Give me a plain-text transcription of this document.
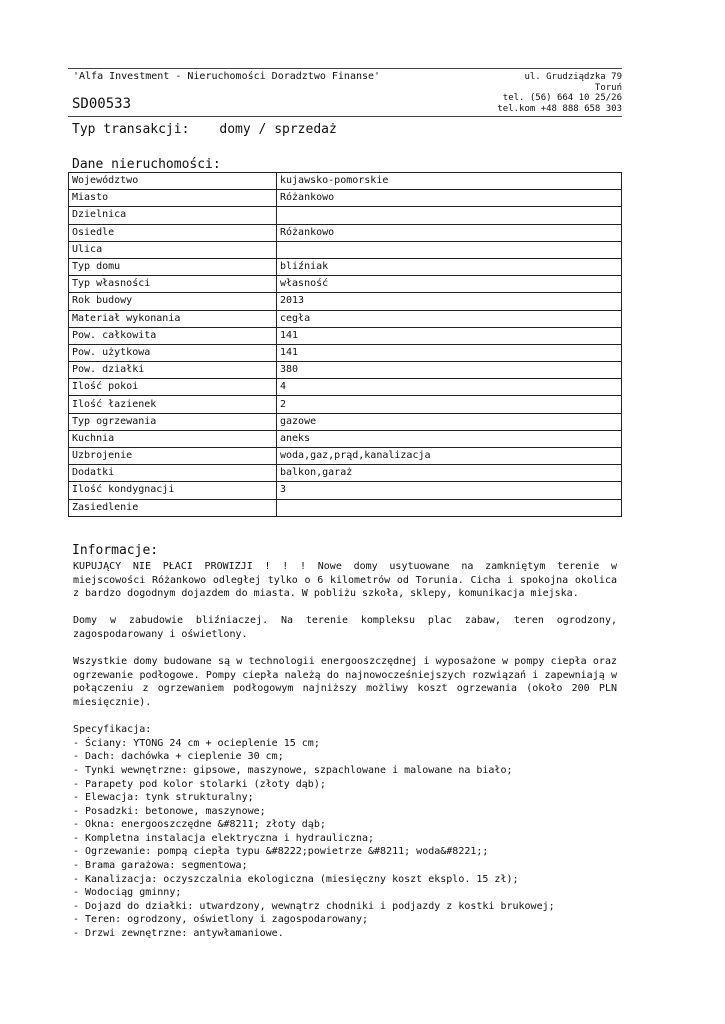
'Alfa Investment - Nieruchomości Doradztwo Finanse'
SD00533
ul. Grudziądzka 79
Toruń
tel. (56) 664 10 25/26
tel.kom +48 888 658 303
Typ transakcji: domy / sprzedaż
Dane nieruchomości:
Województwo	kujawsko-pomorskie
Miasto	Różankowo
Dzielnica	
Osiedle	Różankowo
Ulica	
Typ domu	bliźniak
Typ własności	własność
Rok budowy	2013
Materiał wykonania	cegła
Pow. całkowita	141
Pow. użytkowa	141
Pow. działki	380
Ilość pokoi	4
Ilość łazienek	2
Typ ogrzewania	gazowe
Kuchnia	aneks
Uzbrojenie	woda,gaz,prąd,kanalizacja
Dodatki	balkon,garaż
Ilość kondygnacji	3
Zasiedlenie	
Informacje:

KUPUJĄCY NIE PŁACI PROWIZJI ! ! ! Nowe domy usytuowane na zamkniętym terenie w miejscowości Różankowo odległej tylko o 6 kilometrów od Torunia. Cicha i spokojna okolica z bardzo dogodnym dojazdem do miasta. W pobliżu szkoła, sklepy, komunikacja miejska.

Domy w zabudowie bliźniaczej. Na terenie kompleksu plac zabaw, teren ogrodzony, zagospodarowany i oświetlony.

Wszystkie domy budowane są w technologii energooszczędnej i wyposażone w pompy ciepła oraz ogrzewanie podłogowe. Pompy ciepła należą do najnowocześniejszych rozwiązań i zapewniają w połączeniu z ogrzewaniem podłogowym najniższy możliwy koszt ogrzewania (około 200 PLN miesięcznie).

Specyfikacja:
- Ściany: YTONG 24 cm + ocieplenie 15 cm;
- Dach: dachówka + cieplenie 30 cm;
- Tynki wewnętrzne: gipsowe, maszynowe, szpachlowane i malowane na biało;
- Parapety pod kolor stolarki (złoty dąb);
- Elewacja: tynk strukturalny;
- Posadzki: betonowe, maszynowe;
- Okna: energooszczędne &#8211; złoty dąb;
- Kompletna instalacja elektryczna i hydrauliczna;
- Ogrzewanie: pompą ciepła typu &#8222;powietrze &#8211; woda&#8221;;
- Brama garażowa: segmentowa;
- Kanalizacja: oczyszczalnia ekologiczna (miesięczny koszt eksplo. 15 zł);
- Wodociąg gminny;
- Dojazd do działki: utwardzony, wewnątrz chodniki i podjazdy z kostki brukowej;
- Teren: ogrodzony, oświetlony i zagospodarowany;
- Drzwi zewnętrzne: antywłamaniowe.
